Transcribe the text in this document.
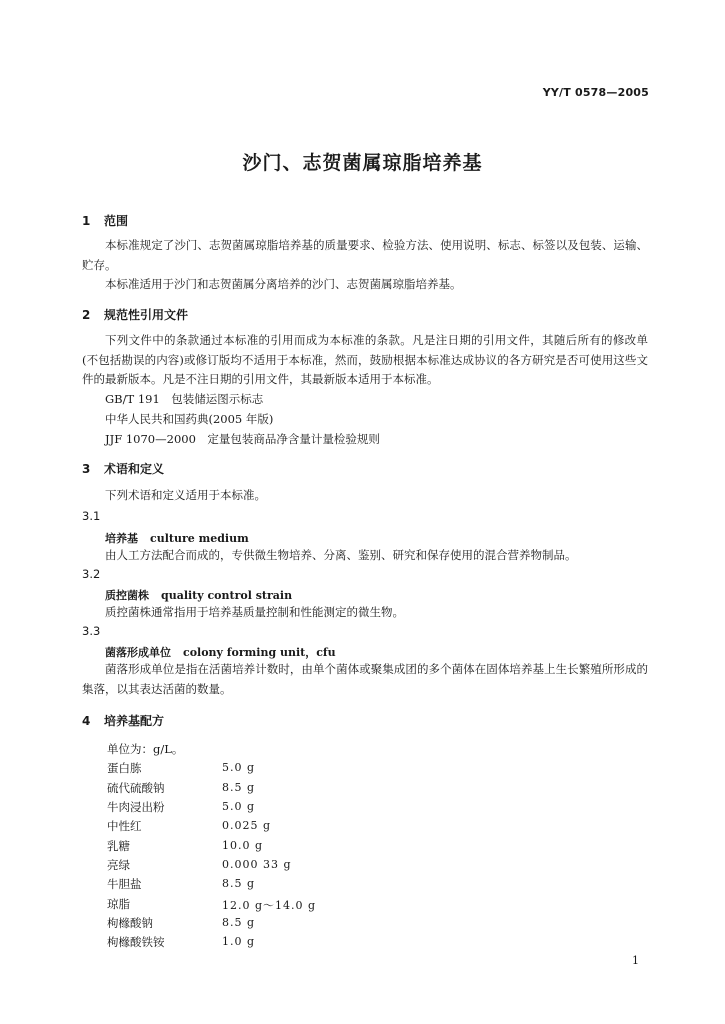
YY/T 0578—2005
沙门、志贺菌属琼脂培养基
1 范围
本标准规定了沙门、志贺菌属琼脂培养基的质量要求、检验方法、使用说明、标志、标签以及包装、运输、贮存。
本标准适用于沙门和志贺菌属分离培养的沙门、志贺菌属琼脂培养基。
2 规范性引用文件
下列文件中的条款通过本标准的引用而成为本标准的条款。凡是注日期的引用文件，其随后所有的修改单(不包括勘误的内容)或修订版均不适用于本标准，然而，鼓励根据本标准达成协议的各方研究是否可使用这些文件的最新版本。凡是不注日期的引用文件，其最新版本适用于本标准。
GB/T 191　包装储运图示标志
中华人民共和国药典(2005 年版)
JJF 1070—2000　定量包装商品净含量计量检验规则
3 术语和定义
下列术语和定义适用于本标准。
3.1
培养基 culture medium
由人工方法配合而成的，专供微生物培养、分离、鉴别、研究和保存使用的混合营养物制品。
3.2
质控菌株 quality control strain
质控菌株通常指用于培养基质量控制和性能测定的微生物。
3.3
菌落形成单位 colony forming unit，cfu
菌落形成单位是指在活菌培养计数时，由单个菌体或聚集成团的多个菌体在固体培养基上生长繁殖所形成的集落，以其表达活菌的数量。
4 培养基配方
单位为：g/L。
蛋白胨	5.0 g
硫代硫酸钠	8.5 g
牛肉浸出粉	5.0 g
中性红	0.025 g
乳糖	10.0 g
亮绿	0.000 33 g
牛胆盐	8.5 g
琼脂	12.0 g～14.0 g
枸橼酸钠	8.5 g
枸橼酸铁铵	1.0 g
1
